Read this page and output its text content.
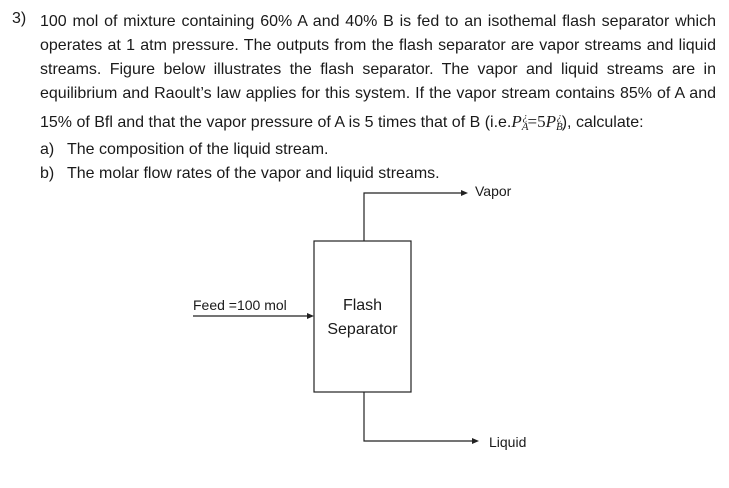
3) 100 mol of mixture containing 60% A and 40% B is fed to an isothemal flash separator which operates at 1 atm pressure. The outputs from the flash separator are vapor streams and liquid streams. Figure below illustrates the flash separator. The vapor and liquid streams are in equilibrium and Raoult’s law applies for this system. If the vapor stream contains 85% of A and 15% of Bfl and that the vapor pressure of A is 5 times that of B $(i.e.P_A^¿=5P_B^¿)$, calculate:
a) The composition of the liquid stream.
b) The molar flow rates of the vapor and liquid streams.
Feed =100 mol	Flash
Separator
Vapor
Liquid
